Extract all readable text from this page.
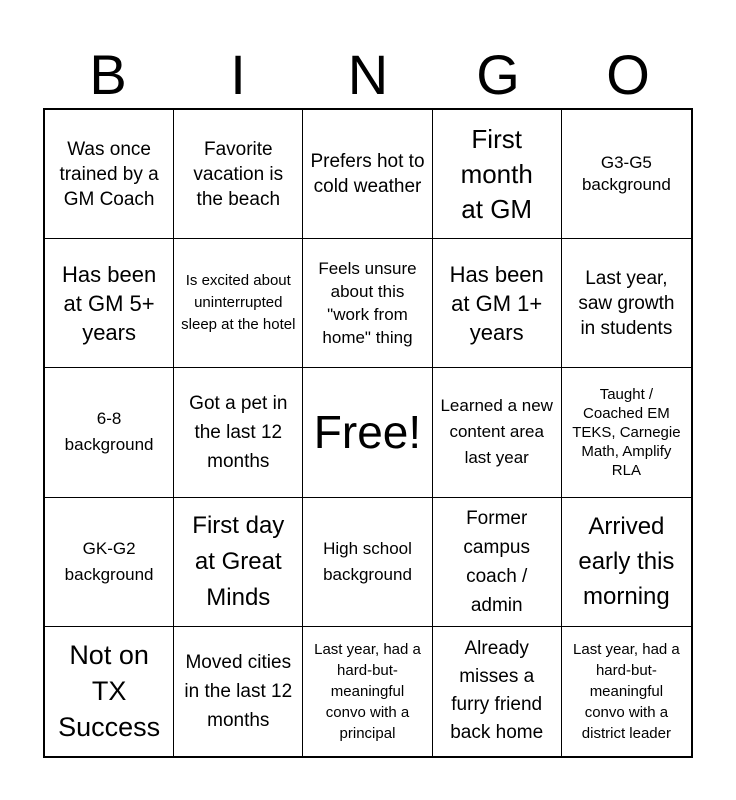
B	I	N	G	O
Was once trained by a GM Coach
Favorite vacation is the beach
Prefers hot to cold weather
First month at GM
G3-G5 background
Has been at GM 5+ years
Is excited about uninterrupted sleep at the hotel
Feels unsure about this "work from home" thing
Has been at GM 1+ years
Last year, saw growth in students
6-8 background
Got a pet in the last 12 months
Free!
Learned a new content area last year
Taught / Coached EM TEKS, Carnegie Math, Amplify RLA
GK-G2 background
First day at Great Minds
High school background
Former campus coach / admin
Arrived early this morning
Not on TX Success
Moved cities in the last 12 months
Last year, had a hard-but-meaningful convo with a principal
Already misses a furry friend back home
Last year, had a hard-but-meaningful convo with a district leader
